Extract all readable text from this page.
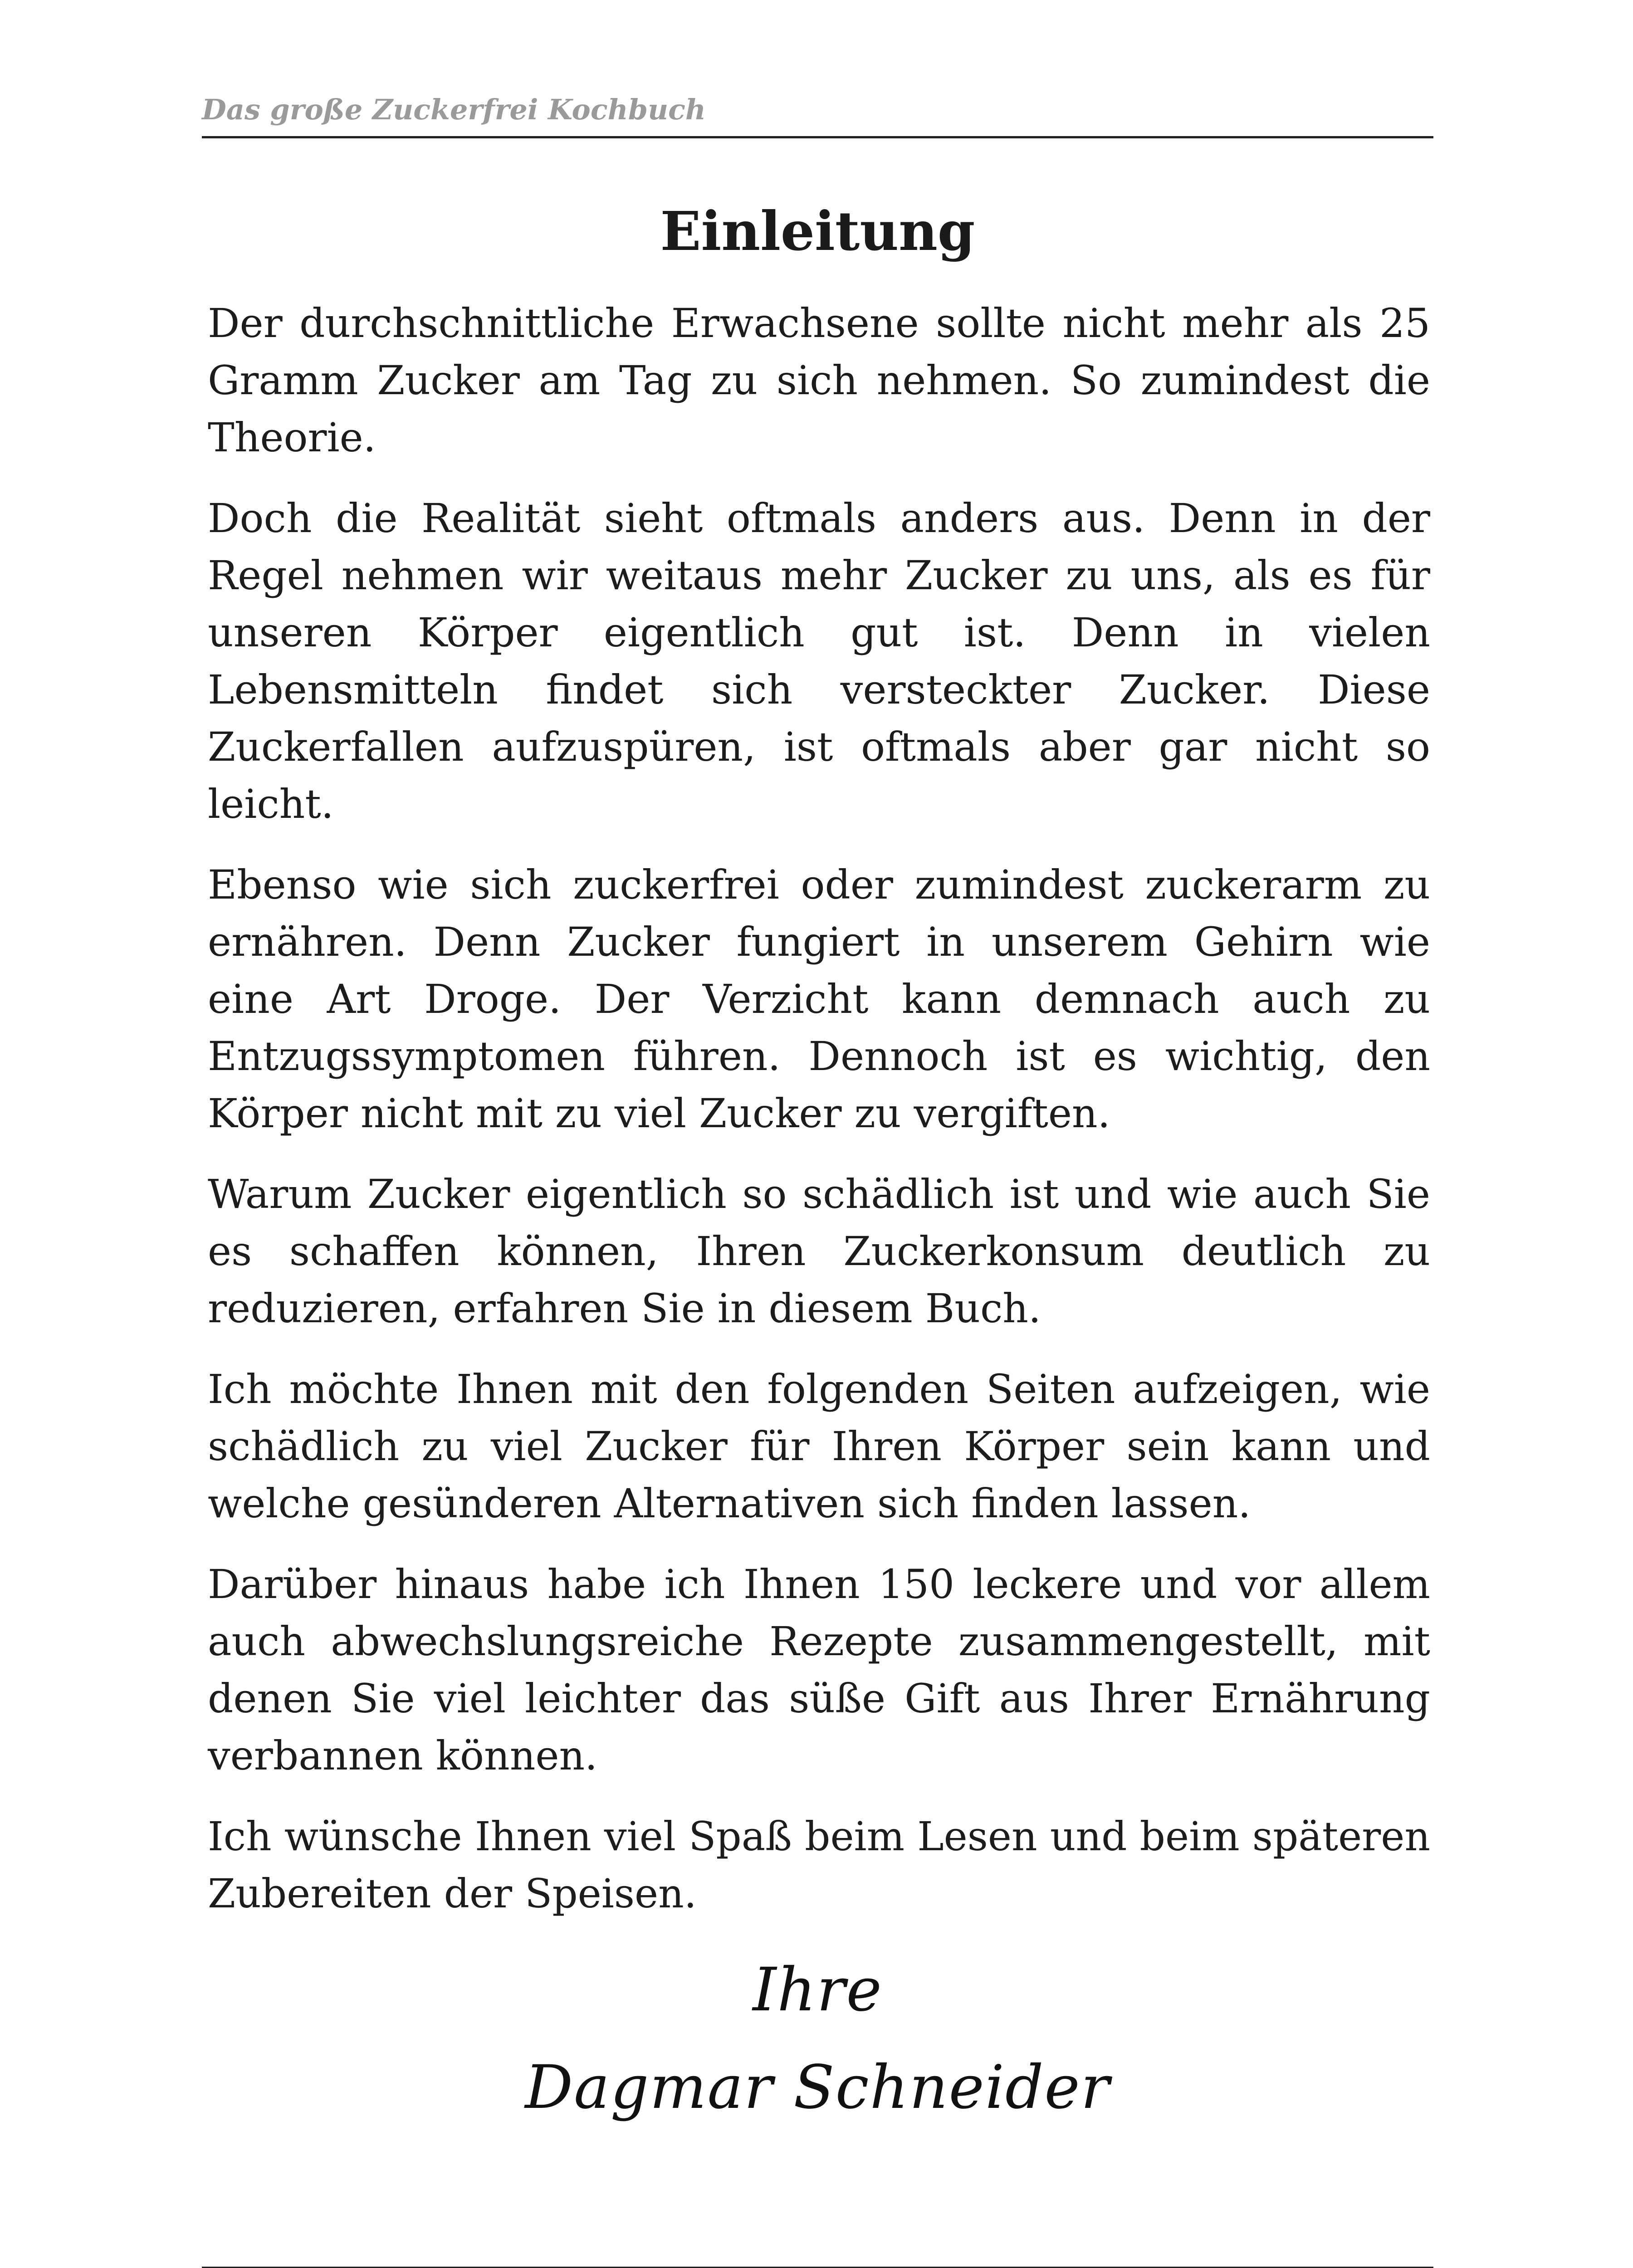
Das große Zuckerfrei Kochbuch
Einleitung

Der durchschnittliche Erwachsene sollte nicht mehr als 25 Gramm Zucker am Tag zu sich nehmen. So zumindest die Theorie.

Doch die Realität sieht oftmals anders aus. Denn in der Regel nehmen wir weitaus mehr Zucker zu uns, als es für unseren Körper eigentlich gut ist. Denn in vielen Lebensmitteln findet sich versteckter Zucker. Diese Zuckerfallen aufzuspüren, ist oftmals aber gar nicht so leicht.

Ebenso wie sich zuckerfrei oder zumindest zuckerarm zu ernähren. Denn Zucker fungiert in unserem Gehirn wie eine Art Droge. Der Verzicht kann demnach auch zu Entzugssymptomen führen. Dennoch ist es wichtig, den Körper nicht mit zu viel Zucker zu vergiften.

Warum Zucker eigentlich so schädlich ist und wie auch Sie es schaffen können, Ihren Zuckerkonsum deutlich zu reduzieren, erfahren Sie in diesem Buch.

Ich möchte Ihnen mit den folgenden Seiten aufzeigen, wie schädlich zu viel Zucker für Ihren Körper sein kann und welche gesünderen Alternativen sich finden lassen.

Darüber hinaus habe ich Ihnen 150 leckere und vor allem auch abwechslungsreiche Rezepte zusammengestellt, mit denen Sie viel leichter das süße Gift aus Ihrer Ernährung verbannen können.

Ich wünsche Ihnen viel Spaß beim Lesen und beim späteren Zubereiten der Speisen.

Ihre
Dagmar Schneider
